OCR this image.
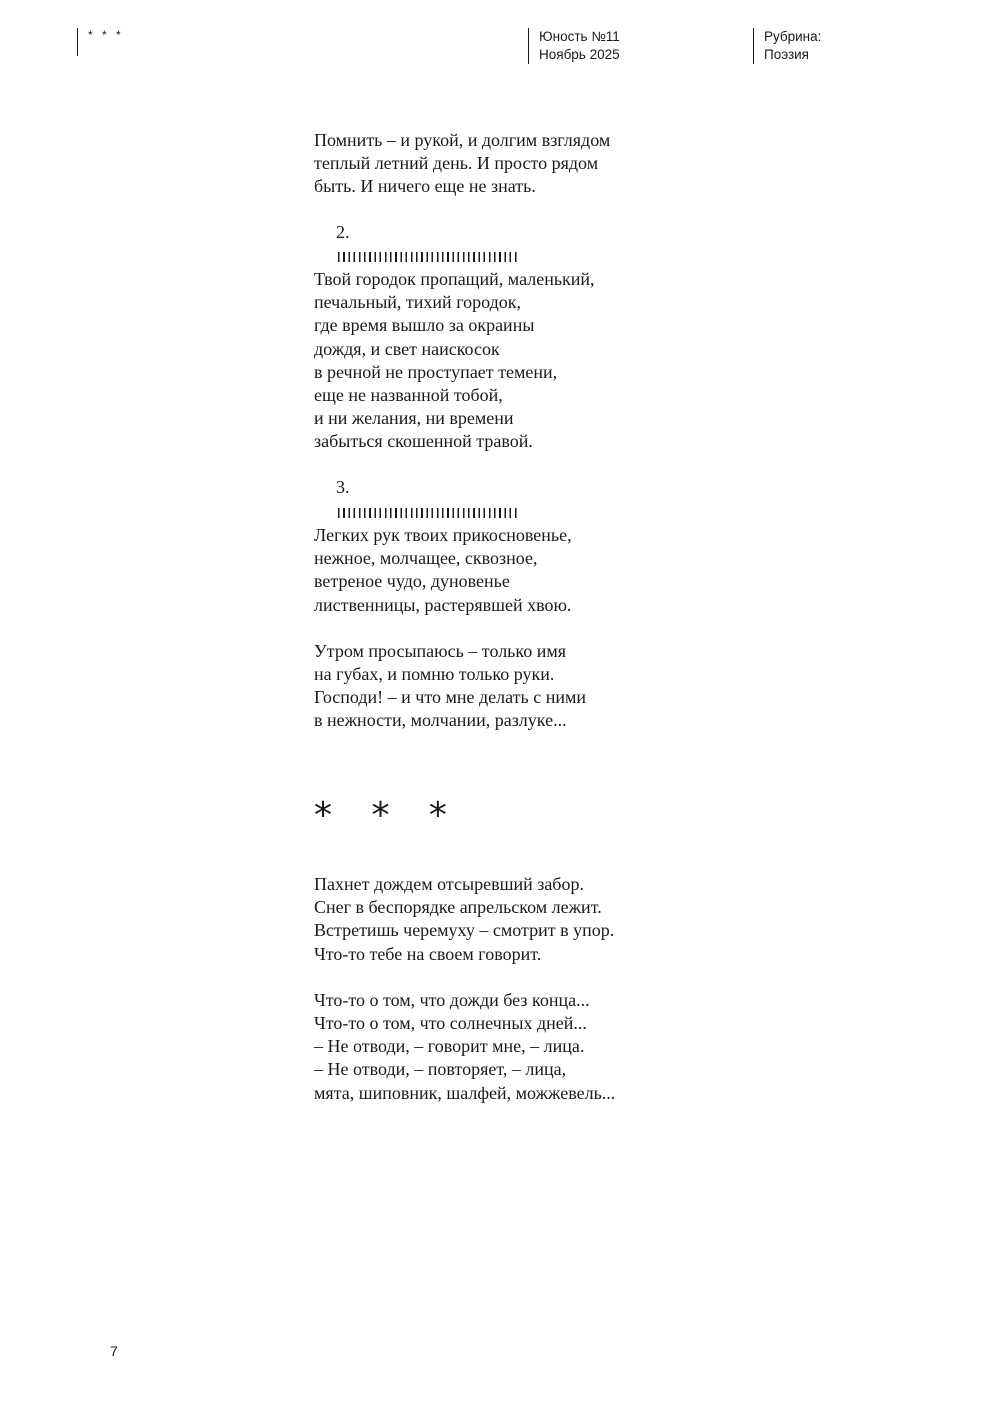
* * *	Юность №11
Ноябрь 2025
Рубрина:
Поэзия
Помнить – и рукой, и долгим взглядом
теплый летний день. И просто рядом
быть. И ничего еще не знать.
2.
Твой городок пропащий, маленький,
печальный, тихий городок,
где время вышло за окраины
дождя, и свет наискосок
в речной не проступает темени,
еще не названной тобой,
и ни желания, ни времени
забыться скошенной травой.
3.
Легких рук твоих прикосновенье,
нежное, молчащее, сквозное,
ветреное чудо, дуновенье
лиственницы, растерявшей хвою.
Утром просыпаюсь – только имя
на губах, и помню только руки.
Господи! – и что мне делать с ними
в нежности, молчании, разлуке...
* * *
Пахнет дождем отсыревший забор.
Снег в беспорядке апрельском лежит.
Встретишь черемуху – смотрит в упор.
Что-то тебе на своем говорит.
Что-то о том, что дожди без конца...
Что-то о том, что солнечных дней...
– Не отводи, – говорит мне, – лица.
– Не отводи, – повторяет, – лица,
мята, шиповник, шалфей, можжевель...
7
